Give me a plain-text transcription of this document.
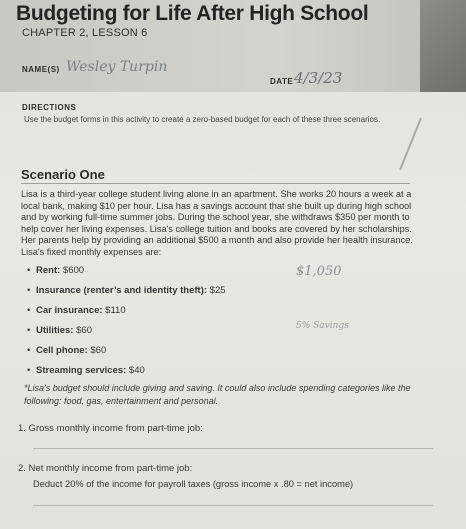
Budgeting for Life After High School
CHAPTER 2, LESSON 6
NAME(S) Wesley Turpin
DATE 4/3/23
DIRECTIONS
Use the budget forms in this activity to create a zero-based budget for each of these three scenarios.
Scenario One
Lisa is a third-year college student living alone in an apartment. She works 20 hours a week at a local bank, making $10 per hour. Lisa has a savings account that she built up during high school and by working full-time summer jobs. During the school year, she withdraws $350 per month to help cover her living expenses. Lisa's college tuition and books are covered by her scholarships. Her parents help by providing an additional $500 a month and also provide her health insurance. Lisa's fixed monthly expenses are:
• Rent: $600
• Insurance (renter’s and identity theft): $25
• Car insurance: $110
• Utilities: $60
• Cell phone: $60
• Streaming services: $40
$1,050
5% Savings
*Lisa's budget should include giving and saving. It could also include spending categories like the following: food, gas, entertainment and personal.
1. Gross monthly income from part-time job:
2. Net monthly income from part-time job:
Deduct 20% of the income for payroll taxes (gross income x .80 = net income)
